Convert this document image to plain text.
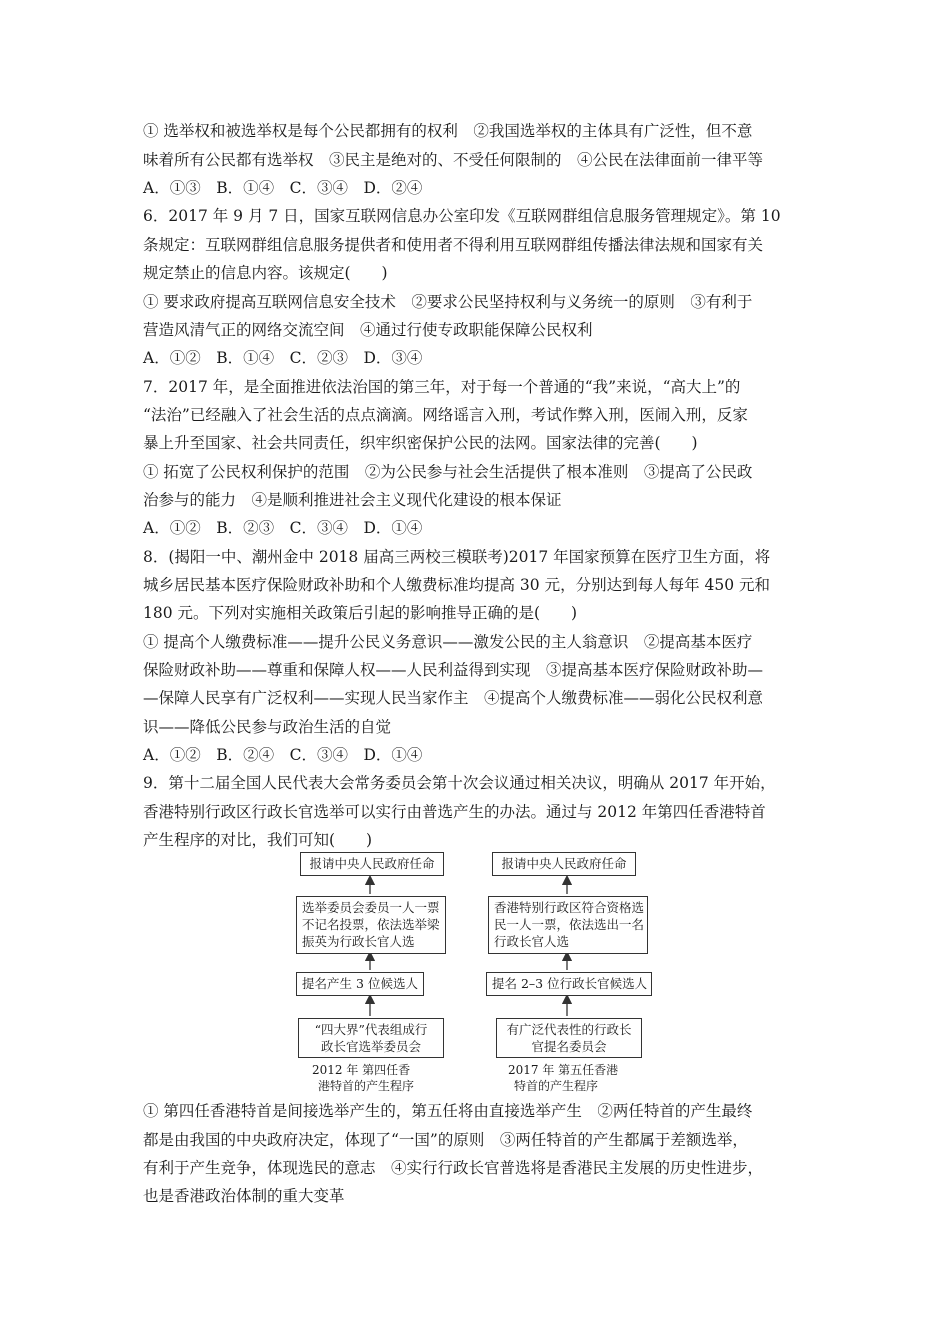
① 选举权和被选举权是每个公民都拥有的权利　②我国选举权的主体具有广泛性，但不意
味着所有公民都有选举权　③民主是绝对的、不受任何限制的　④公民在法律面前一律平等
A．①③　B．①④　C．③④　D．②④
6．2017 年 9 月 7 日，国家互联网信息办公室印发《互联网群组信息服务管理规定》。第 10
条规定：互联网群组信息服务提供者和使用者不得利用互联网群组传播法律法规和国家有关
规定禁止的信息内容。该规定(　　)
① 要求政府提高互联网信息安全技术　②要求公民坚持权利与义务统一的原则　③有利于
营造风清气正的网络交流空间　④通过行使专政职能保障公民权利
A．①②　B．①④　C．②③　D．③④
7．2017 年，是全面推进依法治国的第三年，对于每一个普通的“我”来说，“高大上”的
“法治”已经融入了社会生活的点点滴滴。网络谣言入刑，考试作弊入刑，医闹入刑，反家
暴上升至国家、社会共同责任，织牢织密保护公民的法网。国家法律的完善(　　)
① 拓宽了公民权利保护的范围　②为公民参与社会生活提供了根本准则　③提高了公民政
治参与的能力　④是顺利推进社会主义现代化建设的根本保证
A．①②　B．②③　C．③④　D．①④
8．(揭阳一中、潮州金中 2018 届高三两校三模联考)2017 年国家预算在医疗卫生方面，将
城乡居民基本医疗保险财政补助和个人缴费标准均提高 30 元，分别达到每人每年 450 元和
180 元。下列对实施相关政策后引起的影响推导正确的是(　　)
① 提高个人缴费标准——提升公民义务意识——激发公民的主人翁意识　②提高基本医疗
保险财政补助——尊重和保障人权——人民利益得到实现　③提高基本医疗保险财政补助—
—保障人民享有广泛权利——实现人民当家作主　④提高个人缴费标准——弱化公民权利意
识——降低公民参与政治生活的自觉
A．①②　B．②④　C．③④　D．①④
9．第十二届全国人民代表大会常务委员会第十次会议通过相关决议，明确从 2017 年开始，
香港特别行政区行政长官选举可以实行由普选产生的办法。通过与 2012 年第四任香港特首
产生程序的对比，我们可知(　　)
报请中央人民政府任命
选举委员会委员一人一票
不记名投票，依法选举梁
振英为行政长官人选
提名产生 3 位候选人
“四大界”代表组成行
政长官选举委员会
2012 年 第四任香
港特首的产生程序
报请中央人民政府任命
香港特别行政区符合资格选
民一人一票，依法选出一名
行政长官人选
提名 2–3 位行政长官候选人
有广泛代表性的行政长
官提名委员会
2017 年 第五任香港
特首的产生程序
① 第四任香港特首是间接选举产生的，第五任将由直接选举产生　②两任特首的产生最终
都是由我国的中央政府决定，体现了“一国”的原则　③两任特首的产生都属于差额选举，
有利于产生竞争，体现选民的意志　④实行行政长官普选将是香港民主发展的历史性进步，
也是香港政治体制的重大变革
